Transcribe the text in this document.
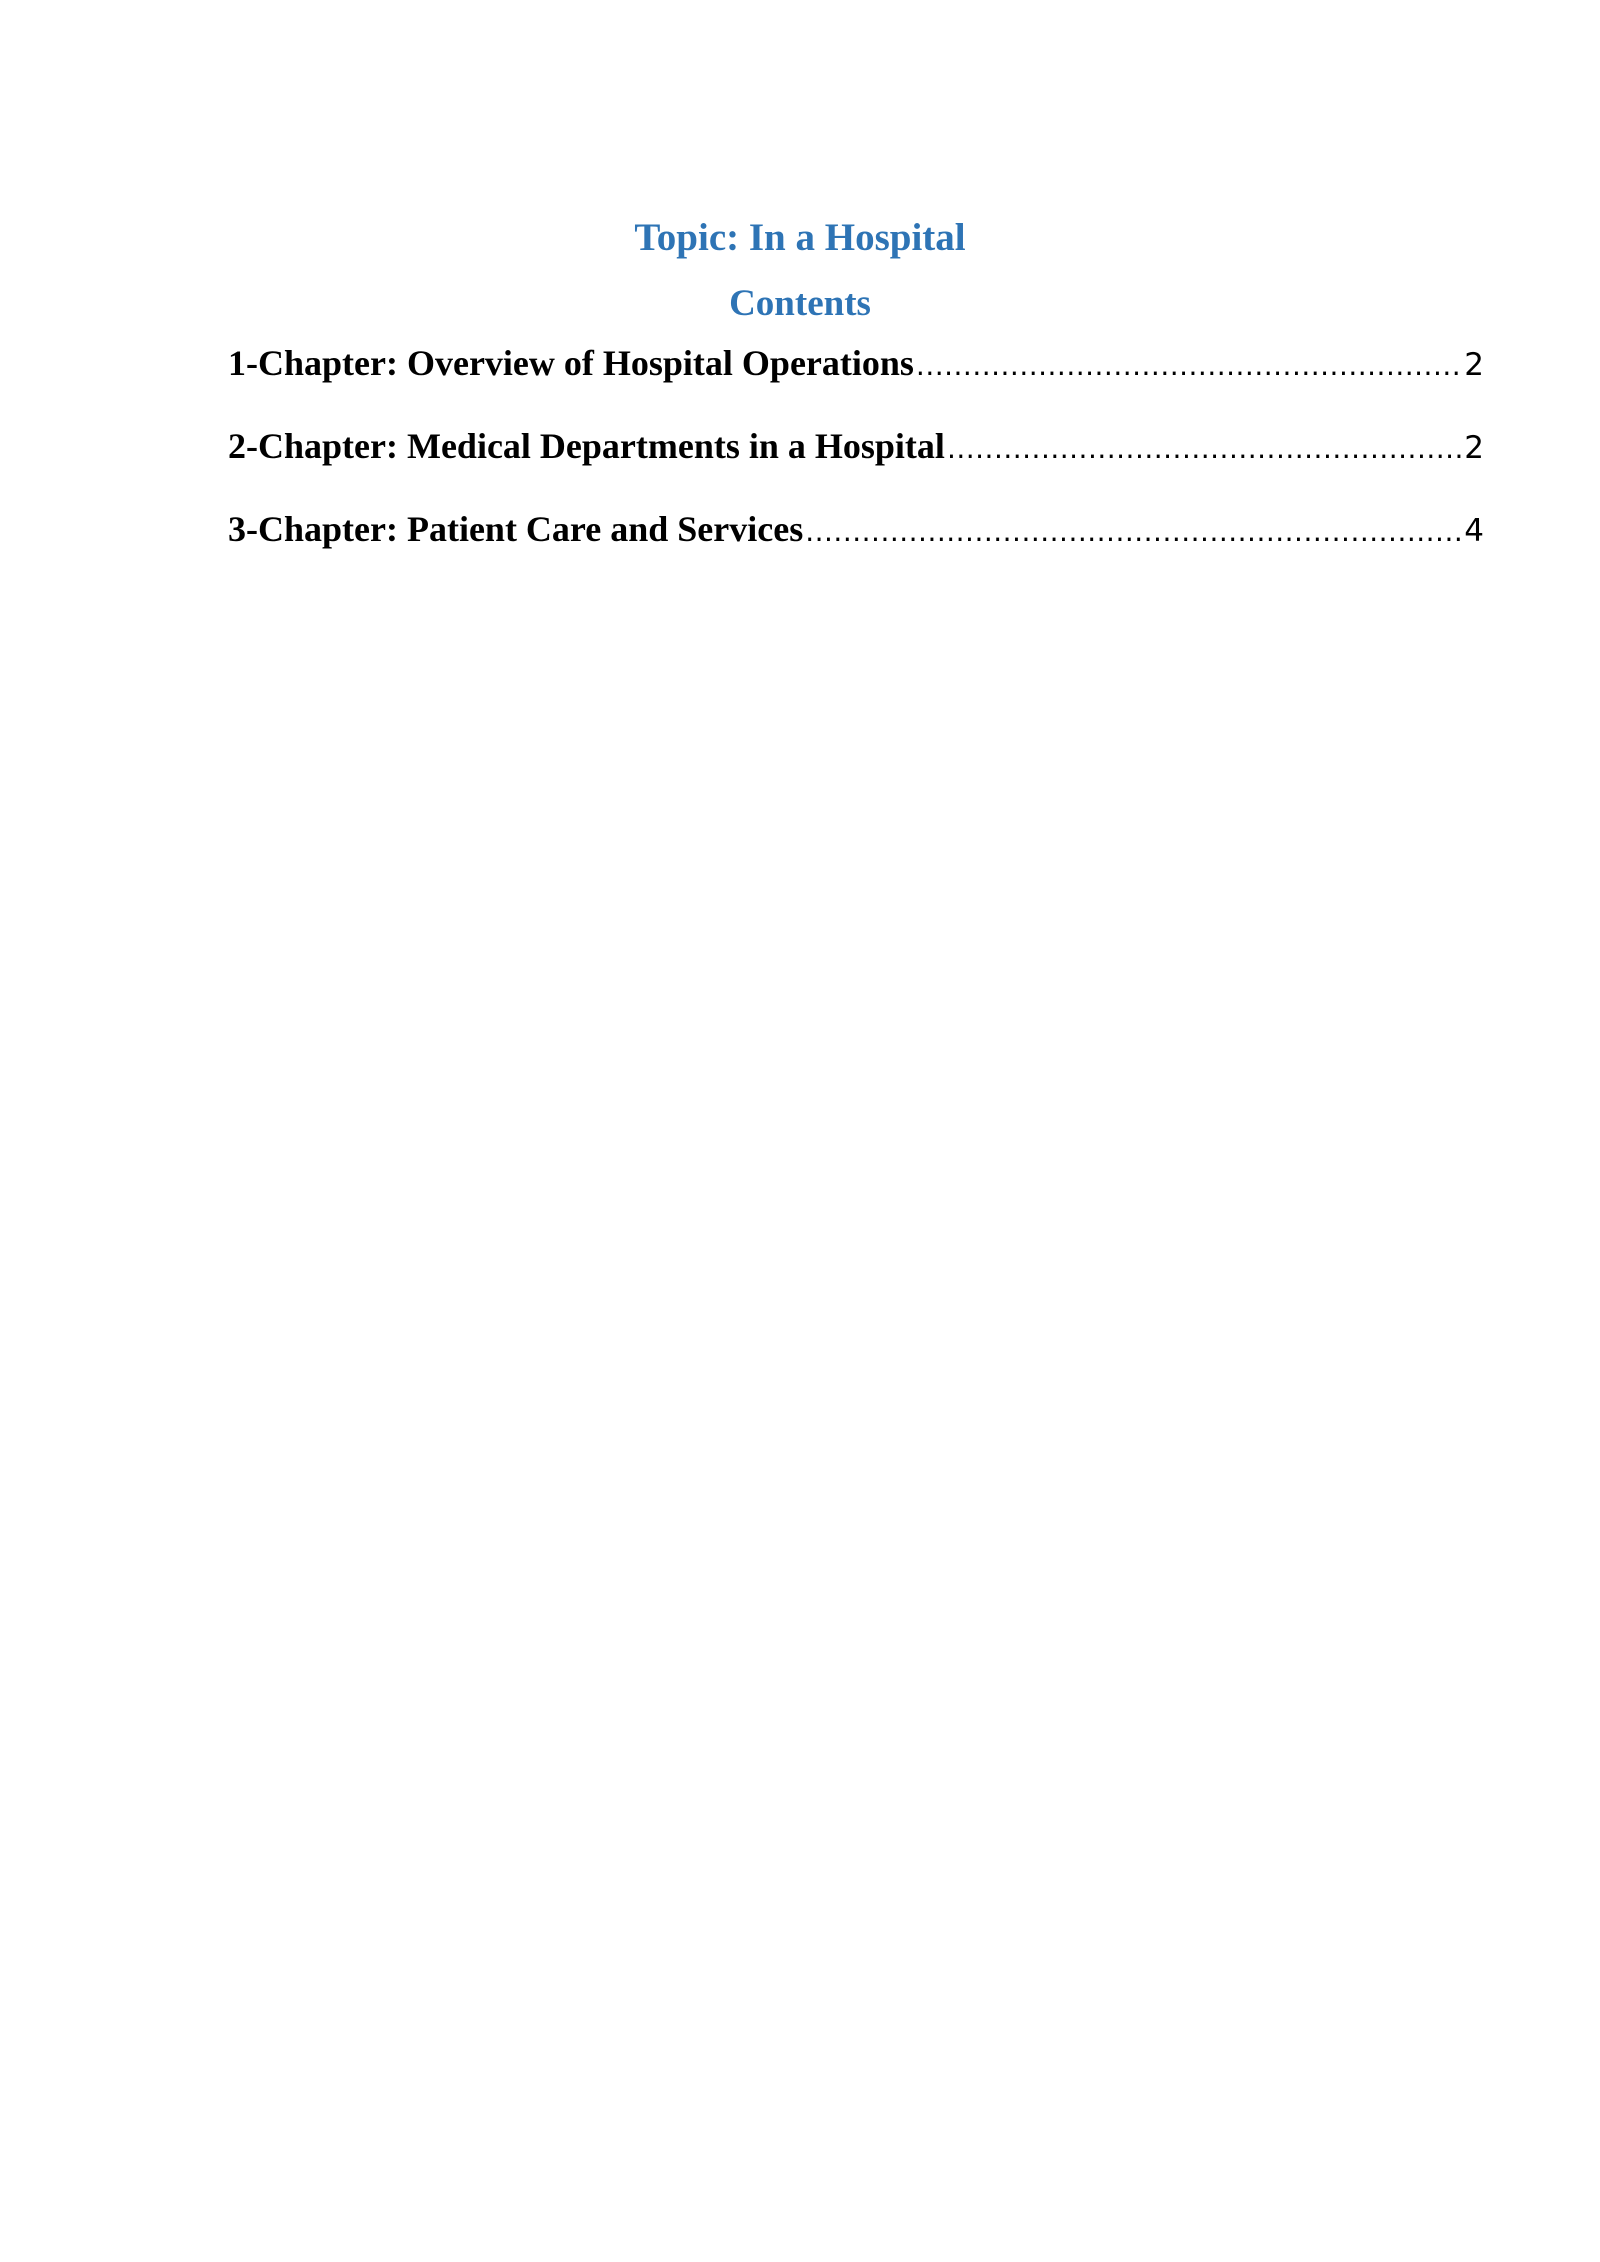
Topic: In a Hospital
Contents
1-Chapter: Overview of Hospital Operations .....	2
2-Chapter: Medical Departments in a Hospital .....	2
3-Chapter: Patient Care and Services .....	4
